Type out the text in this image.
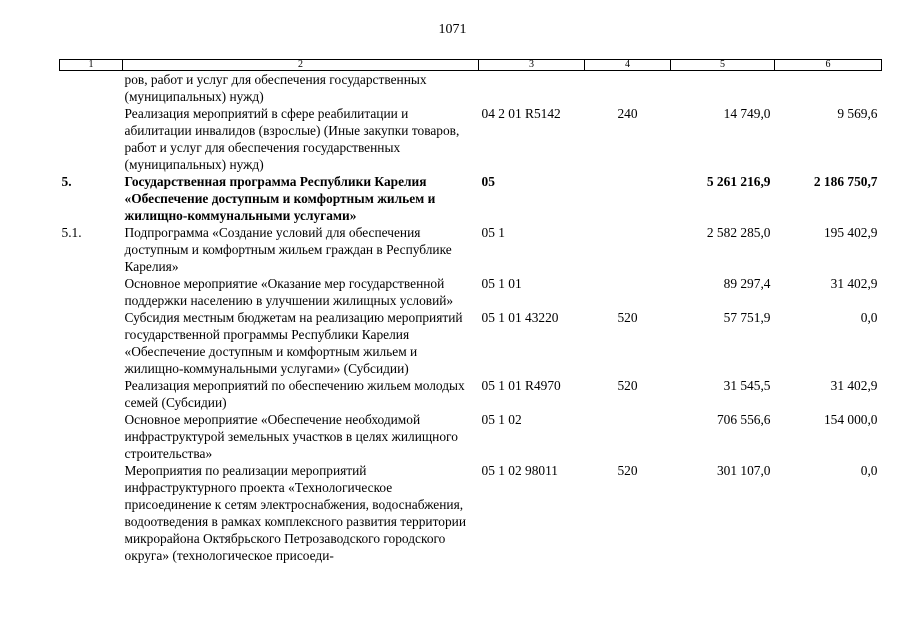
1071
1	2	3	4	5	6
	ров, работ и услуг для обеспечения государственных (муниципальных) нужд)				
	Реализация мероприятий в сфере реабилитации и абилитации инвалидов (взрослые) (Иные закупки товаров, работ и услуг для обеспечения государственных (муниципальных) нужд)	04 2 01 R5142	240	14 749,0	9 569,6
5.	Государственная программа Республики Карелия «Обеспечение доступным и комфортным жильем и жилищно-коммунальными услугами»	05		5 261 216,9	2 186 750,7
5.1.	Подпрограмма «Создание условий для обеспечения доступным и комфортным жильем граждан в Республике Карелия»	05 1		2 582 285,0	195 402,9
	Основное мероприятие «Оказание мер государственной поддержки населению в улучшении жилищных условий»	05 1 01		89 297,4	31 402,9
	Субсидия местным бюджетам на реализацию мероприятий государственной программы Республики Карелия «Обеспечение доступным и комфортным жильем и жилищно-коммунальными услугами» (Субсидии)	05 1 01 43220	520	57 751,9	0,0
	Реализация мероприятий по обеспечению жильем молодых семей (Субсидии)	05 1 01 R4970	520	31 545,5	31 402,9
	Основное мероприятие «Обеспечение необходимой инфраструктурой земельных участков в целях жилищного строительства»	05 1 02		706 556,6	154 000,0
	Мероприятия по реализации мероприятий инфраструктурного проекта «Технологическое присоединение к сетям электроснабжения, водоснабжения, водоотведения в рамках комплексного развития территории микрорайона Октябрьского Петрозаводского городского округа» (технологическое присоеди-	05 1 02 98011	520	301 107,0	0,0
